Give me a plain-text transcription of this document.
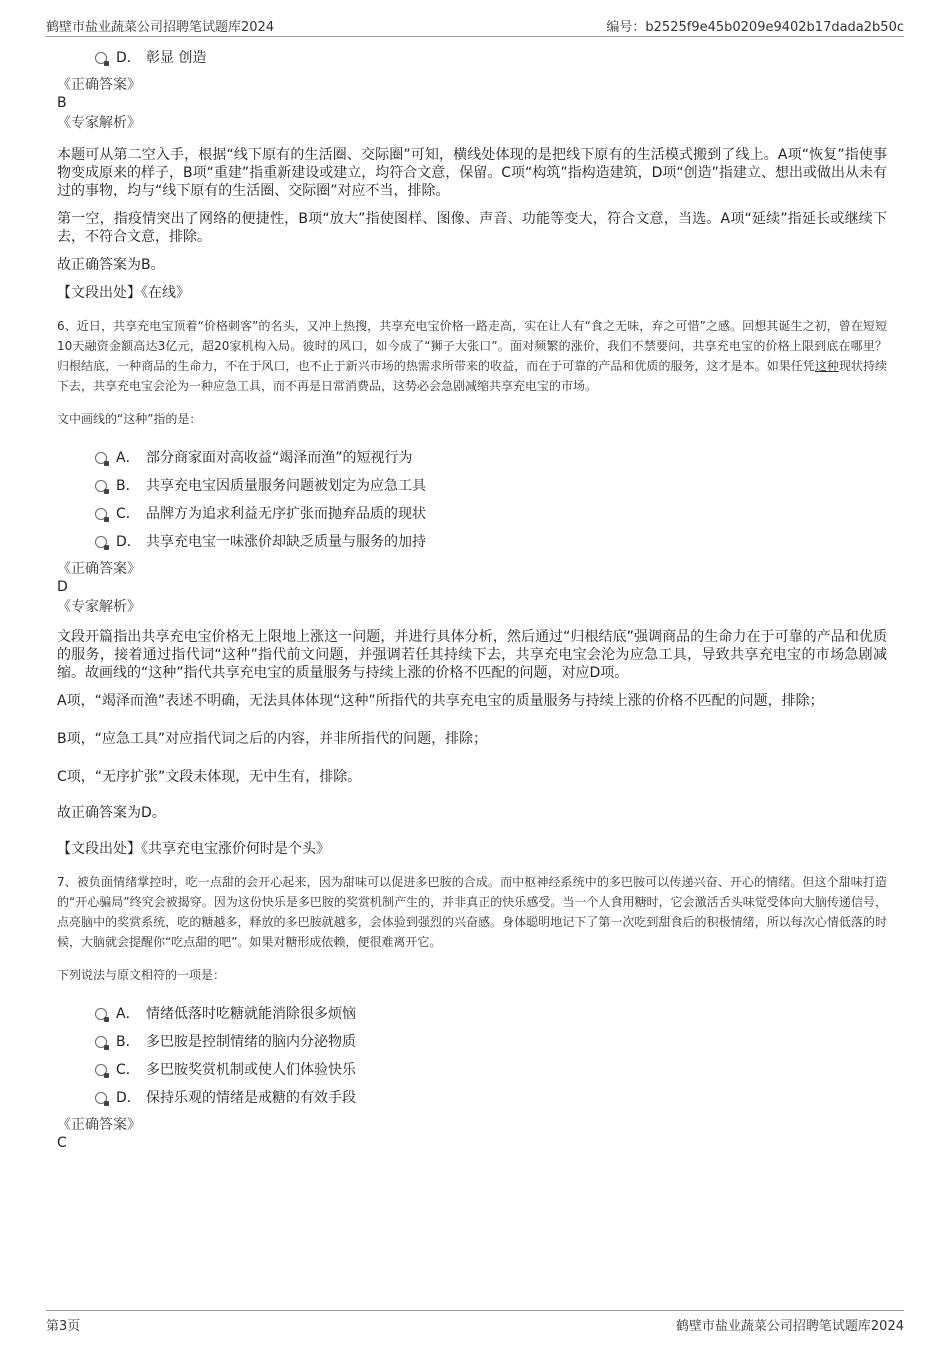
鹤壁市盐业蔬菜公司招聘笔试题库2024	编号：b2525f9e45b0209e9402b17dada2b50c
D． 彰显 创造
《正确答案》
B
《专家解析》

本题可从第二空入手，根据“线下原有的生活圈、交际圈”可知，横线处体现的是把线下原有的生活模式搬到了线上。A项“恢复”指使事物变成原来的样子，B项“重建”指重新建设或建立，均符合文意，保留。C项“构筑”指构造建筑，D项“创造”指建立、想出或做出从未有过的事物，均与“线下原有的生活圈、交际圈”对应不当，排除。

第一空，指疫情突出了网络的便捷性，B项“放大”指使图样、图像、声音、功能等变大，符合文意，当选。A项“延续”指延长或继续下去，不符合文意，排除。

故正确答案为B。

【文段出处】《在线》

6、近日，共享充电宝顶着“价格刺客”的名头，又冲上热搜，共享充电宝价格一路走高，实在让人有“食之无味，弃之可惜”之感。回想其诞生之初，曾在短短10天融资金额高达3亿元，超20家机构入局。彼时的风口，如今成了“狮子大张口”。面对频繁的涨价，我们不禁要问，共享充电宝的价格上限到底在哪里？归根结底，一种商品的生命力，不在于风口，也不止于新兴市场的热需求所带来的收益，而在于可靠的产品和优质的服务，这才是本。如果任凭这种现状持续下去，共享充电宝会沦为一种应急工具，而不再是日常消费品，这势必会急剧减缩共享充电宝的市场。

文中画线的“这种”指的是：

A． 部分商家面对高收益“竭泽而渔”的短视行为
B． 共享充电宝因质量服务问题被划定为应急工具
C． 品牌方为追求利益无序扩张而抛弃品质的现状
D． 共享充电宝一味涨价却缺乏质量与服务的加持
《正确答案》
D
《专家解析》

文段开篇指出共享充电宝价格无上限地上涨这一问题，并进行具体分析，然后通过“归根结底”强调商品的生命力在于可靠的产品和优质的服务，接着通过指代词“这种”指代前文问题，并强调若任其持续下去，共享充电宝会沦为应急工具，导致共享充电宝的市场急剧减缩。故画线的“这种”指代共享充电宝的质量服务与持续上涨的价格不匹配的问题，对应D项。

A项，“竭泽而渔”表述不明确，无法具体体现“这种”所指代的共享充电宝的质量服务与持续上涨的价格不匹配的问题，排除；

B项，“应急工具”对应指代词之后的内容，并非所指代的问题，排除；

C项，“无序扩张”文段未体现，无中生有，排除。

故正确答案为D。

【文段出处】《共享充电宝涨价何时是个头》

7、被负面情绪掌控时，吃一点甜的会开心起来，因为甜味可以促进多巴胺的合成。而中枢神经系统中的多巴胺可以传递兴奋、开心的情绪。但这个甜味打造的“开心骗局”终究会被揭穿。因为这份快乐是多巴胺的奖赏机制产生的，并非真正的快乐感受。当一个人食用糖时，它会激活舌头味觉受体向大脑传递信号，点亮脑中的奖赏系统，吃的糖越多，释放的多巴胺就越多，会体验到强烈的兴奋感。身体聪明地记下了第一次吃到甜食后的积极情绪，所以每次心情低落的时候，大脑就会提醒你“吃点甜的吧”。如果对糖形成依赖，便很难离开它。

下列说法与原文相符的一项是：

A． 情绪低落时吃糖就能消除很多烦恼
B． 多巴胺是控制情绪的脑内分泌物质
C． 多巴胺奖赏机制或使人们体验快乐
D． 保持乐观的情绪是戒糖的有效手段
《正确答案》
C
第3页	鹤壁市盐业蔬菜公司招聘笔试题库2024
